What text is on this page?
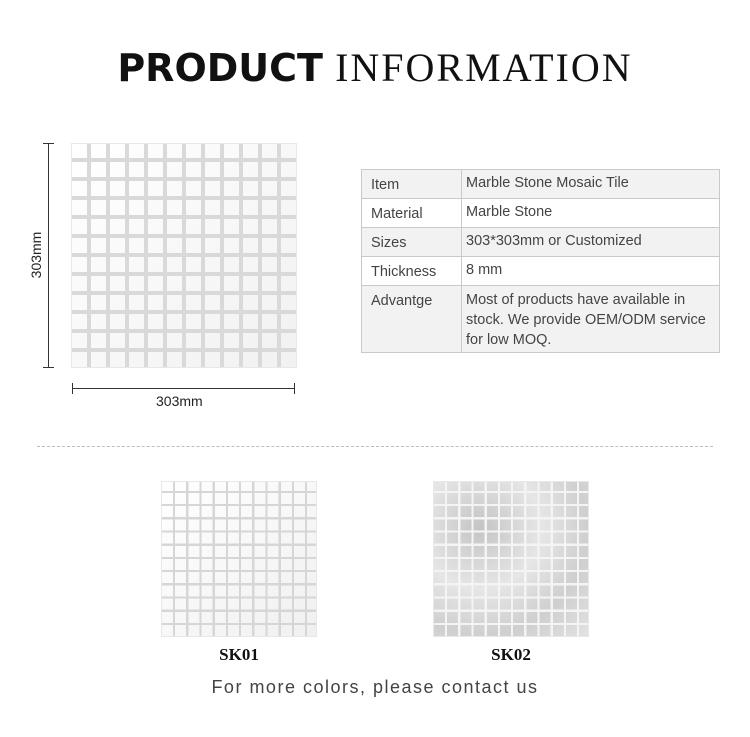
PRODUCT INFORMATION
303mm
303mm
Item	Marble Stone Mosaic Tile
Material	Marble Stone
Sizes	303*303mm or Customized
Thickness	8 mm
Advantge	Most of products have available in stock. We provide OEM/ODM service for low MOQ.
SK01	SK02
For more colors, please contact us
